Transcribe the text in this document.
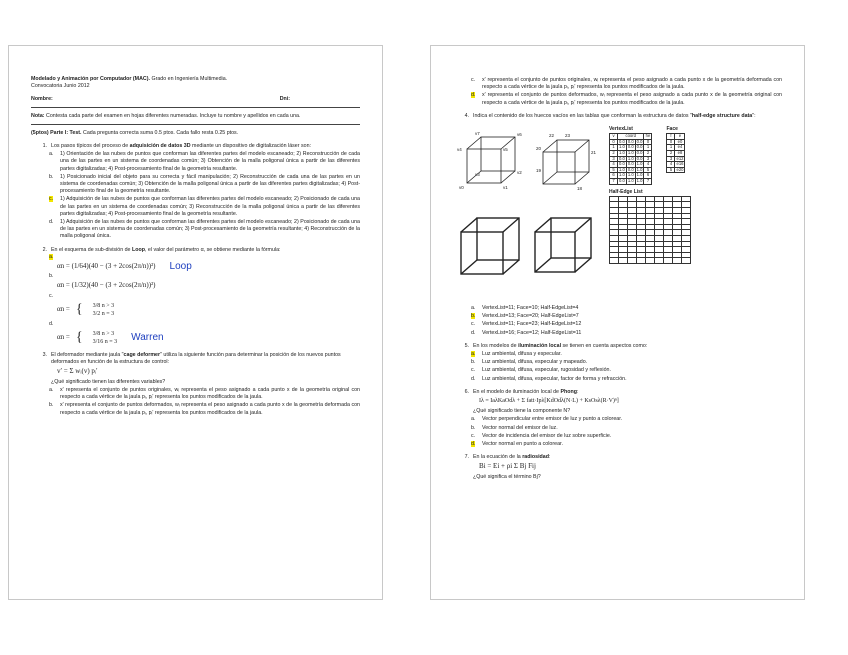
Modelado y Animación por Computador (MAC). Grado en Ingeniería Multimedia.
Convocatoria Junio 2012
Nombre:	Dni:
Nota: Contesta cada parte del examen en hojas diferentes numeradas. Incluye tu nombre y apellidos en cada una.
(5ptos) Parte I: Test. Cada pregunta correcta suma 0.5 ptos. Cada fallo resta 0.25 ptos.
1. Los pasos típicos del proceso de adquisición de datos 3D mediante un dispositivo de digitalización láser son:
a.	1) Orientación de las nubes de puntos que conforman las diferentes partes del modelo escaneado; 2) Reconstrucción de cada una de las partes en un sistema de coordenadas común; 3) Obtención de la malla poligonal única a partir de las diferentes partes digitalizadas; 4) Post-procesamiento final de la geometría resultante.
b.	1) Posicionado inicial del objeto para su correcta y fácil manipulación; 2) Reconstrucción de cada una de las partes en un sistema de coordenadas común; 3) Obtención de la malla poligonal única a partir de las diferentes partes digitalizadas; 4) Post-procesamiento final de la geometría resultante.
c.	1) Adquisición de las nubes de puntos que conforman las diferentes partes del modelo escaneado; 2) Posicionado de cada una de las partes en un sistema de coordenadas común; 3) Reconstrucción de la malla poligonal única a partir de las diferentes partes digitalizadas; 4) Post-procesamiento final de la geometría resultante.
d.	1) Adquisición de las nubes de puntos que conforman las diferentes partes del modelo escaneado; 2) Posicionado de cada una de las partes en un sistema de coordenadas común; 3) Post-procesamiento de la geometría resultante; 4) Reconstrucción de la malla poligonal única.
2. En el esquema de sub-división de Loop, el valor del parámetro α, se obtiene mediante la fórmula:
a.
αn = (1/64)(40 − (3 + 2cos(2π/n))²) Loop
b.
αn = (1/32)(40 − (3 + 2cos(2π/n))²)
c.
αn = { 3/8 n > 3
3/2 n = 3
d.
αn = { 3/8 n > 3
3/16 n = 3 Warren
3. El deformador mediante jaula "cage deformer" utiliza la siguiente función para determinar la posición de los nuevos puntos deformados en función de la estructura de control:
v′ = Σ wᵢ(v) pᵢ′
¿Qué significado tienen las diferentes variables?
a.	x' representa el conjunto de puntos originales, wᵢ representa el peso asignado a cada punto x de la geometría original con respecto a cada vértice de la jaula pᵢ, pᵢ' representa los puntos modificados de la jaula.
b.	x' representa el conjunto de puntos deformados, wᵢ representa el peso asignado a cada punto x de la geometría deformada con respecto a cada vértice de la jaula pᵢ, pᵢ' representa los puntos modificados de la jaula.
c.	x' representa el conjunto de puntos originales, wᵢ representa el peso asignado a cada punto x de la geometría deformada con respecto a cada vértice de la jaula pᵢ, pᵢ' representa los puntos modificados de la jaula.
d.	x' representa el conjunto de puntos deformados, wᵢ representa el peso asignado a cada punto x de la geometría original con respecto a cada vértice de la jaula pᵢ, pᵢ' representa los puntos modificados de la jaula.
4. Indica el contenido de los huecos vacíos en las tablas que conforman la estructura de datos "half-edge structure data":
v4	v5
v6
v7
v0	v1
v2
v3
23
22
21
20
19
18
VertexList
v	coord			he
0	0.0	0.0	0.0	0
1	1.0	0.0	0.0	1
2	1.0	1.0	0.0	2
3	0.0	1.0	0.0	3
4	0.0	0.0	1.0	4
5	1.0	0.0	1.0	5
6	1.0	1.0	1.0	6
7	0.0	1.0	1.0	7
Face
f	e
0	e0
1	e4
2	e8
3	e12
4	e16
5	e20
Half-Edge List

a.	VertexList=11; Face=10; Half-EdgeList=4
b.	VertexList=13; Face=20; Half-EdgeList=7
c.	VertexList=11; Face=23; Half-EdgeList=12
d.	VertexList=16; Face=12; Half-EdgeList=11
5. En los modelos de iluminación local se tienen en cuenta aspectos como:
a.	Luz ambiental, difusa y especular.
b.	Luz ambiental, difusa, especular y mapeado.
c.	Luz ambiental, difusa, especular, rugosidad y reflexión.
d.	Luz ambiental, difusa, especular, factor de forma y refracción.
6. En el modelo de iluminación local de Phong:
Iλ = IaλKaOdλ + Σ fatt·Ipλ[KdOdλ(N·L) + KsOsλ(R·V)ⁿ]
¿Qué significado tiene la componente N?
a.	Vector perpendicular entre emisor de luz y punto a colorear.
b.	Vector normal del emisor de luz.
c.	Vector de incidencia del emisor de luz sobre superficie.
d.	Vector normal en punto a colorear.
7. En la ecuación de la radiosidad:
Bi = Ei + ρi Σ Bj Fij
¿Qué significa el término Bj?
